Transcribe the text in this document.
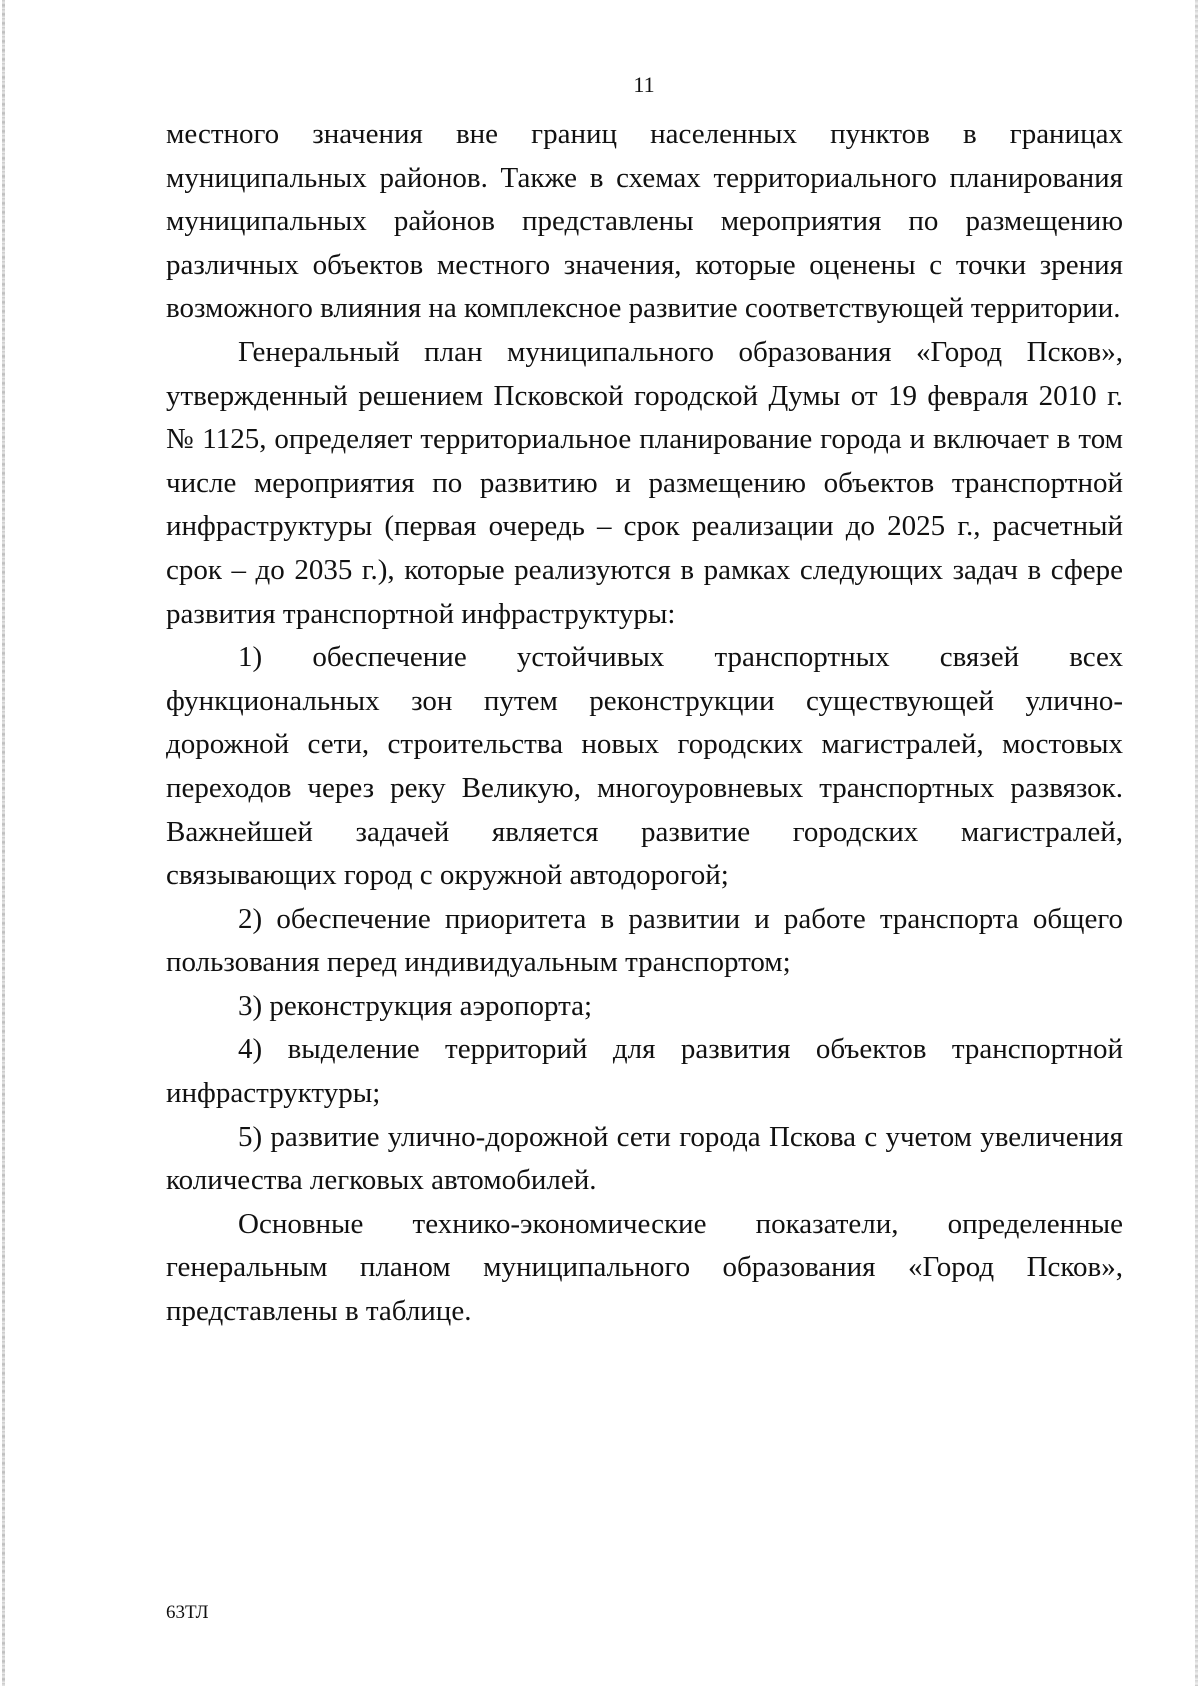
11

местного значения вне границ населенных пунктов в границах муниципальных районов. Также в схемах территориального планирования муниципальных районов представлены мероприятия по размещению различных объектов местного значения, которые оценены с точки зрения возможного влияния на комплексное развитие соответствующей территории.

Генеральный план муниципального образования «Город Псков», утвержденный решением Псковской городской Думы от 19 февраля 2010 г. № 1125, определяет территориальное планирование города и включает в том числе мероприятия по развитию и размещению объектов транспортной инфраструктуры (первая очередь – срок реализации до 2025 г., расчетный срок – до 2035 г.), которые реализуются в рамках следующих задач в сфере развития транспортной инфраструктуры:

1) обеспечение устойчивых транспортных связей всех функциональных зон путем реконструкции существующей улично-дорожной сети, строительства новых городских магистралей, мостовых переходов через реку Великую, многоуровневых транспортных развязок. Важнейшей задачей является развитие городских магистралей, связывающих город с окружной автодорогой;

2) обеспечение приоритета в развитии и работе транспорта общего пользования перед индивидуальным транспортом;

3) реконструкция аэропорта;

4) выделение территорий для развития объектов транспортной инфраструктуры;

5) развитие улично-дорожной сети города Пскова с учетом увеличения количества легковых автомобилей.

Основные технико-экономические показатели, определенные генеральным планом муниципального образования «Город Псков», представлены в таблице.

63ТЛ
